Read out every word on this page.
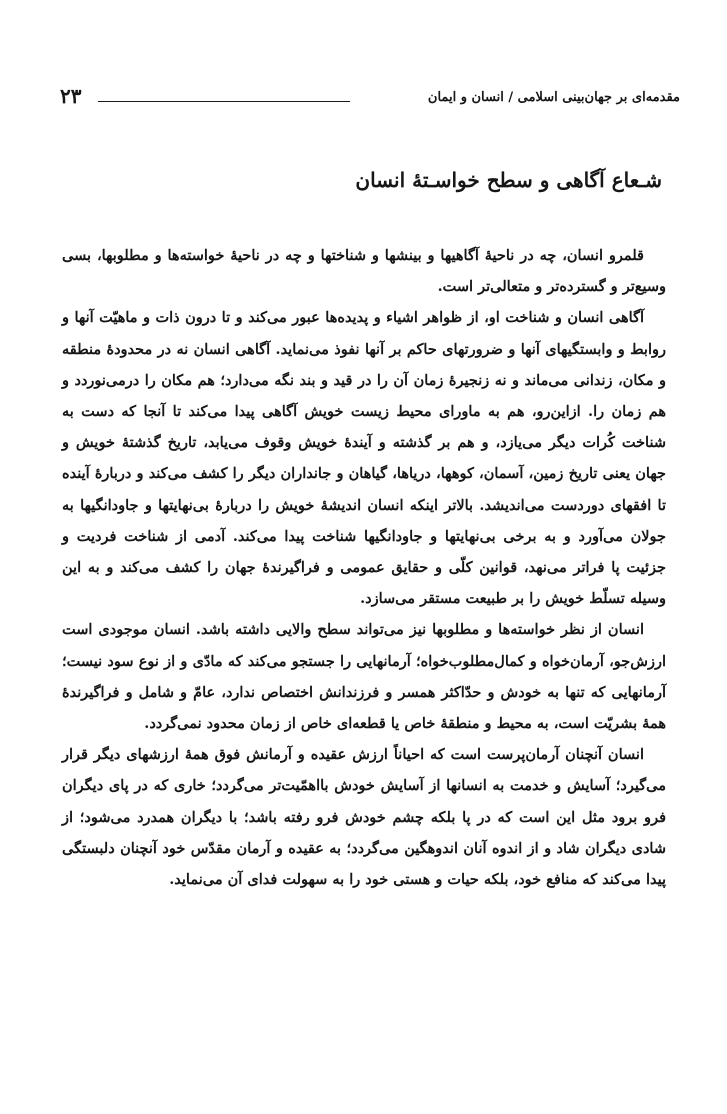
مقدمه‌ای بر جهان‌بینی اسلامی / انسان و ایمان
۲۳
شـعاع آگاهی و سطح خواسـتهٔ انسان

قلمرو انسان، چه در ناحیهٔ آگاهیها و بینشها و شناختها و چه در ناحیهٔ خواسته‌ها و مطلوبها، بسی وسیع‌تر و گسترده‌تر و متعالی‌تر است.

آگاهی انسان و شناخت او، از ظواهر اشیاء و پدیده‌ها عبور می‌کند و تا درون ذات و ماهیّت آنها و روابط و وابستگیهای آنها و ضرورتهای حاکم بر آنها نفوذ می‌نماید. آگاهی انسان نه در محدودهٔ منطقه و مکان، زندانی می‌ماند و نه زنجیرهٔ زمان آن را در قید و بند نگه می‌دارد؛ هم مکان را درمی‌نوردد و هم زمان را. ازاین‌رو، هم به ماورای محیط زیست خویش آگاهی پیدا می‌کند تا آنجا که دست به شناخت کُرات دیگر می‌یازد، و هم بر گذشته و آیندهٔ خویش وقوف می‌یابد، تاریخ گذشتهٔ خویش و جهان یعنی تاریخ زمین، آسمان، کوهها، دریاها، گیاهان و جانداران دیگر را کشف می‌کند و دربارهٔ آینده تا افقهای دوردست می‌اندیشد. بالاتر اینکه انسان اندیشهٔ خویش را دربارهٔ بی‌نهایتها و جاودانگیها به جولان می‌آورد و به برخی بی‌نهایتها و جاودانگیها شناخت پیدا می‌کند. آدمی از شناخت فردیت و جزئیت پا فراتر می‌نهد، قوانین کلّی و حقایق عمومی و فراگیرندهٔ جهان را کشف می‌کند و به این وسیله تسلّط خویش را بر طبیعت مستقر می‌سازد.

انسان از نظر خواسته‌ها و مطلوبها نیز می‌تواند سطح والایی داشته باشد. انسان موجودی است ارزش‌جو، آرمان‌خواه و کمال‌مطلوب‌خواه؛ آرمانهایی را جستجو می‌کند که مادّی و از نوع سود نیست؛ آرمانهایی که تنها به خودش و حدّاکثر همسر و فرزندانش اختصاص ندارد، عامّ و شامل و فراگیرندهٔ همهٔ بشریّت است، به محیط و منطقهٔ خاص یا قطعه‌ای خاص از زمان محدود نمی‌گردد.

انسان آنچنان آرمان‌پرست است که احیاناً ارزش عقیده و آرمانش فوق همهٔ ارزشهای دیگر قرار می‌گیرد؛ آسایش و خدمت به انسانها از آسایش خودش بااهمّیت‌تر می‌گردد؛ خاری که در پای دیگران فرو برود مثل این است که در پا بلکه چشم خودش فرو رفته باشد؛ با دیگران همدرد می‌شود؛ از شادی دیگران شاد و از اندوه آنان اندوهگین می‌گردد؛ به عقیده و آرمان مقدّس خود آنچنان دلبستگی پیدا می‌کند که منافع خود، بلکه حیات و هستی خود را به سهولت فدای آن می‌نماید.
